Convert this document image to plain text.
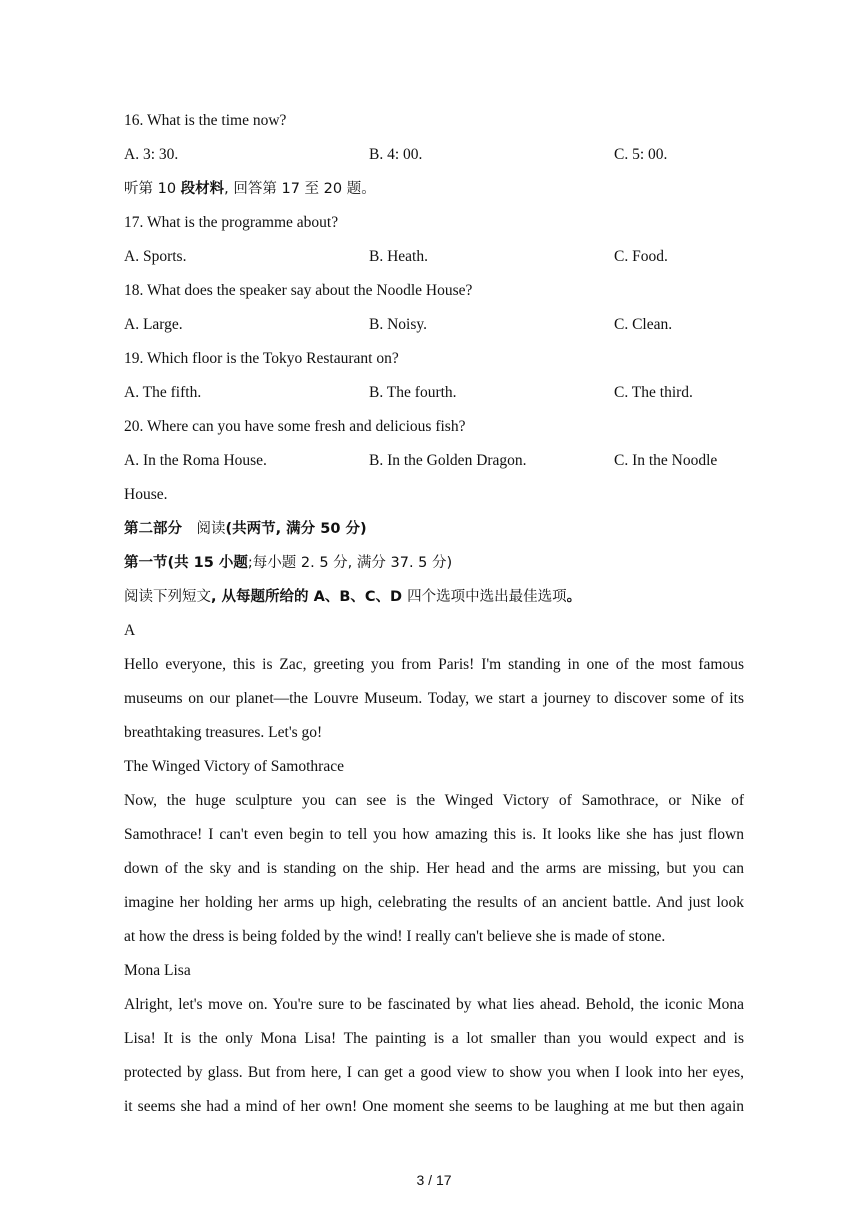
16. What is the time now?
A. 3: 30.	B. 4: 00.	C. 5: 00.
听第 10 段材料, 回答第 17 至 20 题。
17. What is the programme about?
A. Sports.	B. Heath.	C. Food.
18. What does the speaker say about the Noodle House?
A. Large.	B. Noisy.	C. Clean.
19. Which floor is the Tokyo Restaurant on?
A. The fifth.	B. The fourth.	C. The third.
20. Where can you have some fresh and delicious fish?
A. In the Roma House.	B. In the Golden Dragon.	C. In the Noodle
House.
第二部分　阅读(共两节, 满分 50 分)
第一节(共 15 小题;每小题 2. 5 分, 满分 37. 5 分)
阅读下列短文, 从每题所给的 A、B、C、D 四个选项中选出最佳选项。
A
Hello everyone, this is Zac, greeting you from Paris! I'm standing in one of the most famous
museums on our planet—the Louvre Museum. Today, we start a journey to discover some of its
breathtaking treasures. Let's go!
The Winged Victory of Samothrace
Now, the huge sculpture you can see is the Winged Victory of Samothrace, or Nike of
Samothrace! I can't even begin to tell you how amazing this is. It looks like she has just flown
down of the sky and is standing on the ship. Her head and the arms are missing, but you can
imagine her holding her arms up high, celebrating the results of an ancient battle. And just look
at how the dress is being folded by the wind! I really can't believe she is made of stone.
Mona Lisa
Alright, let's move on. You're sure to be fascinated by what lies ahead. Behold, the iconic Mona
Lisa! It is the only Mona Lisa! The painting is a lot smaller than you would expect and is
protected by glass. But from here, I can get a good view to show you when I look into her eyes,
it seems she had a mind of her own! One moment she seems to be laughing at me but then again
3 / 17
